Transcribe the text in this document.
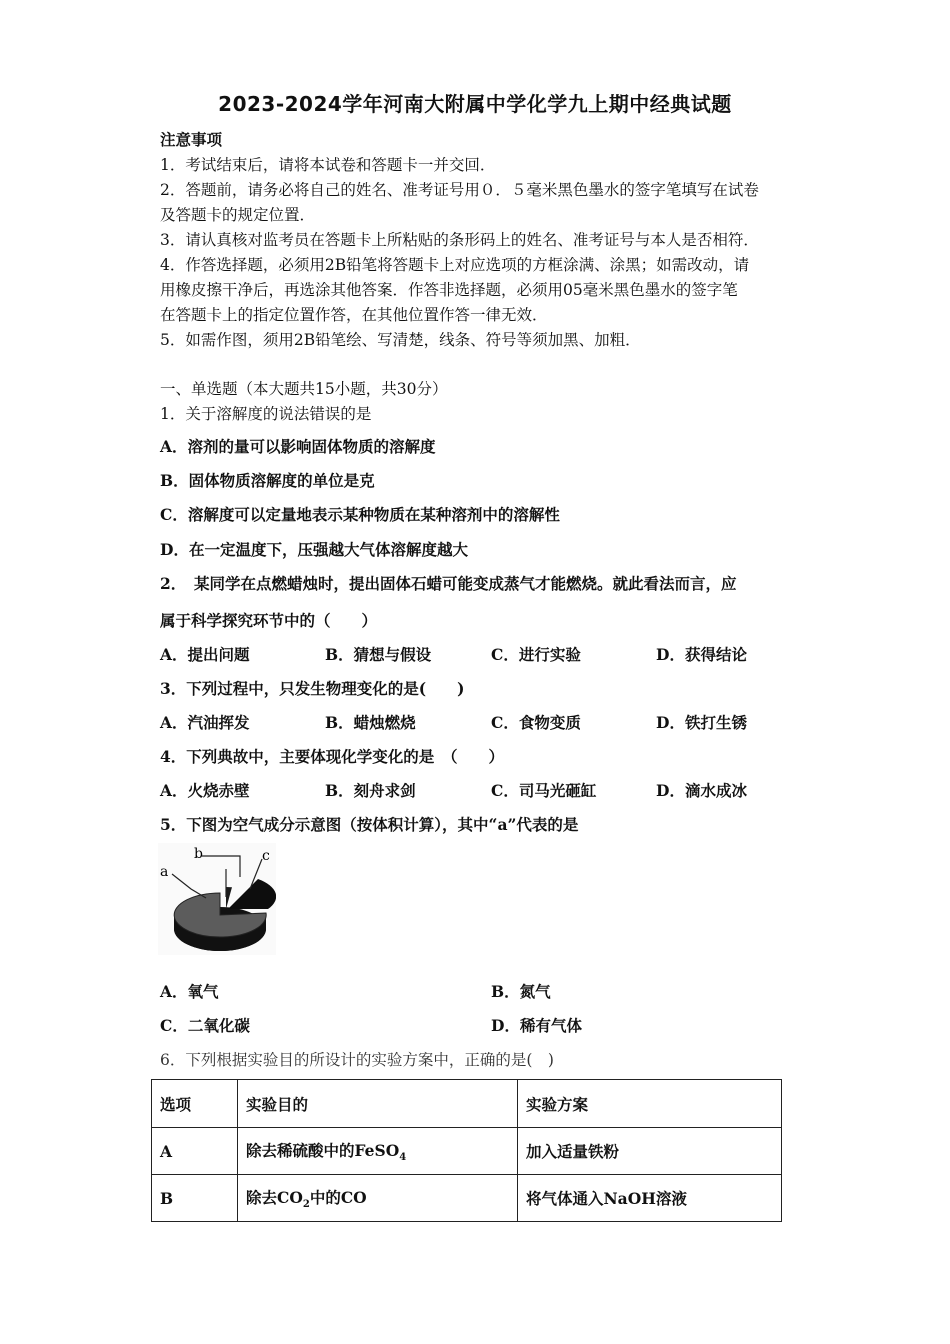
2023-2024学年河南大附属中学化学九上期中经典试题
注意事项
1．考试结束后，请将本试卷和答题卡一并交回．
2．答题前，请务必将自己的姓名、准考证号用０．５毫米黑色墨水的签字笔填写在试卷
及答题卡的规定位置．
3．请认真核对监考员在答题卡上所粘贴的条形码上的姓名、准考证号与本人是否相符．
4．作答选择题，必须用2B铅笔将答题卡上对应选项的方框涂满、涂黑；如需改动，请
用橡皮擦干净后，再选涂其他答案．作答非选择题，必须用05毫米黑色墨水的签字笔
在答题卡上的指定位置作答，在其他位置作答一律无效．
5．如需作图，须用2B铅笔绘、写清楚，线条、符号等须加黑、加粗．
一、单选题（本大题共15小题，共30分）
1．关于溶解度的说法错误的是
A．溶剂的量可以影响固体物质的溶解度
B．固体物质溶解度的单位是克
C．溶解度可以定量地表示某种物质在某种溶剂中的溶解性
D．在一定温度下，压强越大气体溶解度越大
2．　某同学在点燃蜡烛时，提出固体石蜡可能变成蒸气才能燃烧。就此看法而言，应
属于科学探究环节中的（　　）
A．提出问题	B．猜想与假设	C．进行实验	D．获得结论
3．下列过程中，只发生物理变化的是(　　)
A．汽油挥发	B．蜡烛燃烧	C．食物变质	D．铁打生锈
4．下列典故中，主要体现化学变化的是　（　　）
A．火烧赤壁	B．刻舟求剑	C．司马光砸缸	D．滴水成冰
5．下图为空气成分示意图（按体积计算），其中“a”代表的是
a
b	c
A．氧气	B．氮气
C．二氧化碳	D．稀有气体
6．下列根据实验目的所设计的实验方案中，正确的是(　)
选项	实验目的	实验方案
A	除去稀硫酸中的FeSO$_4$	加入适量铁粉
B	除去$CO_2$中的CO	将气体通入NaOH溶液
